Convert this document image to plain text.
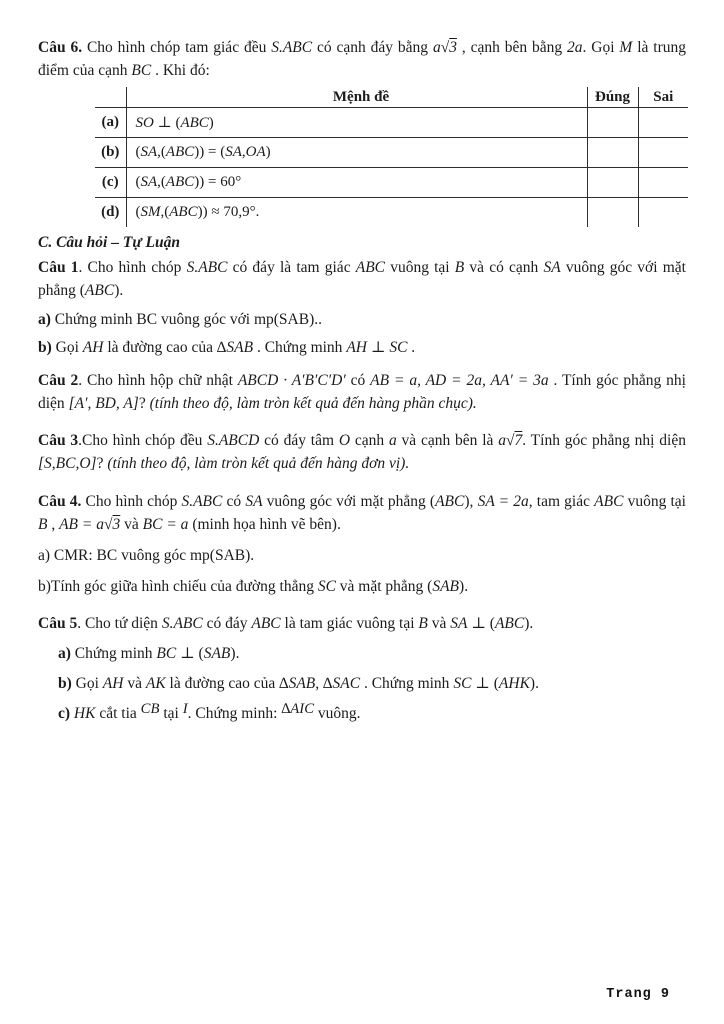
Câu 6. Cho hình chóp tam giác đều S.ABC có cạnh đáy bằng a√3 , cạnh bên bằng 2a. Gọi M là trung điểm của cạnh BC . Khi đó:

	Mệnh đề	Đúng	Sai
(a)	SO ⊥ (ABC)		
(b)	(SA,(ABC)) = (SA,OA)		
(c)	(SA,(ABC)) = 60°		
(d)	(SM,(ABC)) ≈ 70,9°.		

C. Câu hỏi – Tự Luận

Câu 1. Cho hình chóp S.ABC có đáy là tam giác ABC vuông tại B và có cạnh SA vuông góc với mặt phẳng (ABC).

a) Chứng minh BC vuông góc với mp(SAB)..

b) Gọi AH là đường cao của ∆SAB . Chứng minh AH ⊥ SC .

Câu 2. Cho hình hộp chữ nhật ABCD · A′B′C′D′ có AB = a, AD = 2a, AA′ = 3a . Tính góc phẳng nhị diện [A′, BD, A]? (tính theo độ, làm tròn kết quả đến hàng phần chục).

Câu 3.Cho hình chóp đều S.ABCD có đáy tâm O cạnh a và cạnh bên là a√7. Tính góc phẳng nhị diện [S,BC,O]? (tính theo độ, làm tròn kết quả đến hàng đơn vị).

Câu 4. Cho hình chóp S.ABC có SA vuông góc với mặt phẳng (ABC), SA = 2a, tam giác ABC vuông tại B , AB = a√3 và BC = a (minh họa hình vẽ bên).

a) CMR: BC vuông góc mp(SAB).

b)Tính góc giữa hình chiếu của đường thẳng SC và mặt phẳng (SAB).

Câu 5. Cho tứ diện S.ABC có đáy ABC là tam giác vuông tại B và SA ⊥ (ABC).

a) Chứng minh BC ⊥ (SAB).

b) Gọi AH và AK là đường cao của ∆SAB, ∆SAC . Chứng minh SC ⊥ (AHK).

c) HK cắt tia CB tại I. Chứng minh: ∆AIC vuông.

Trang 9
